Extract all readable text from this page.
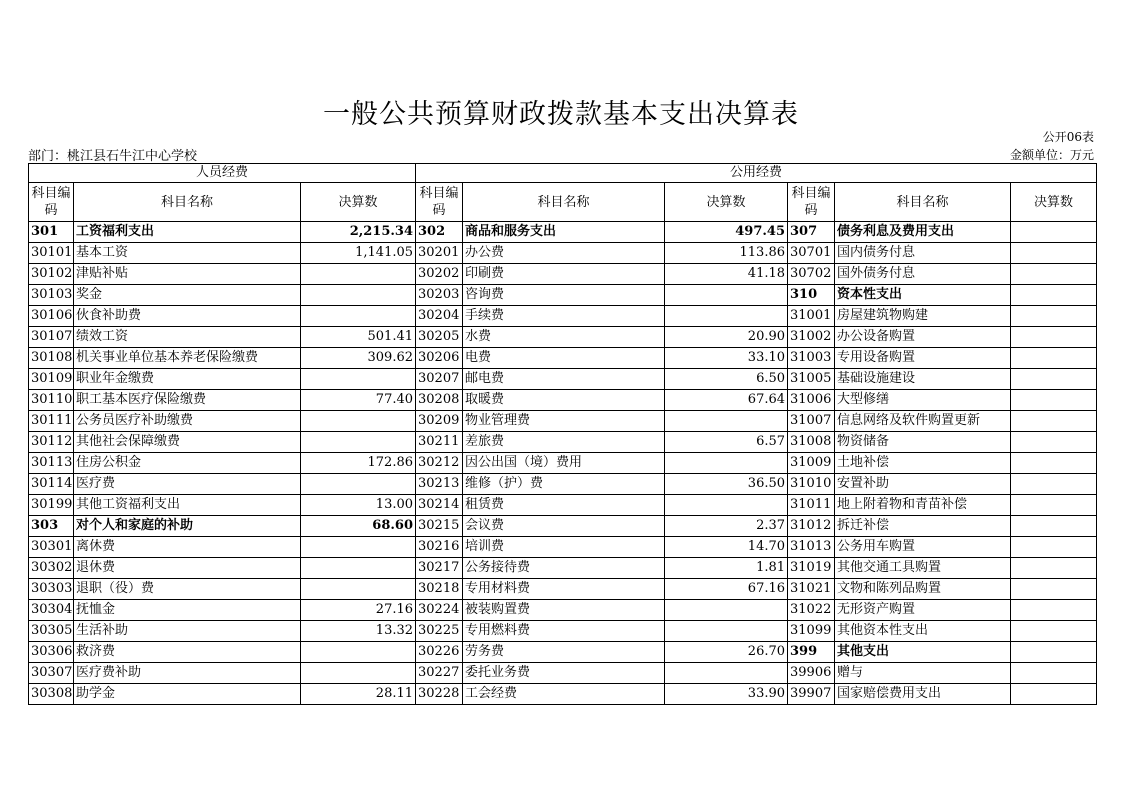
一般公共预算财政拨款基本支出决算表
公开06表
部门：桃江县石牛江中心学校	金额单位：万元
人员经费			公用经费					
科目编码	科目名称	决算数	科目编码	科目名称	决算数	科目编码	科目名称	决算数
301	工资福利支出	2,215.34	302	商品和服务支出	497.45	307	债务利息及费用支出	
30101	基本工资	1,141.05	30201	办公费	113.86	30701	国内债务付息	
30102	津贴补贴		30202	印刷费	41.18	30702	国外债务付息	
30103	奖金		30203	咨询费		310	资本性支出	
30106	伙食补助费		30204	手续费		31001	房屋建筑物购建	
30107	绩效工资	501.41	30205	水费	20.90	31002	办公设备购置	
30108	机关事业单位基本养老保险缴费	309.62	30206	电费	33.10	31003	专用设备购置	
30109	职业年金缴费		30207	邮电费	6.50	31005	基础设施建设	
30110	职工基本医疗保险缴费	77.40	30208	取暖费	67.64	31006	大型修缮	
30111	公务员医疗补助缴费		30209	物业管理费		31007	信息网络及软件购置更新	
30112	其他社会保障缴费		30211	差旅费	6.57	31008	物资储备	
30113	住房公积金	172.86	30212	因公出国（境）费用		31009	土地补偿	
30114	医疗费		30213	维修（护）费	36.50	31010	安置补助	
30199	其他工资福利支出	13.00	30214	租赁费		31011	地上附着物和青苗补偿	
303	对个人和家庭的补助	68.60	30215	会议费	2.37	31012	拆迁补偿	
30301	离休费		30216	培训费	14.70	31013	公务用车购置	
30302	退休费		30217	公务接待费	1.81	31019	其他交通工具购置	
30303	退职（役）费		30218	专用材料费	67.16	31021	文物和陈列品购置	
30304	抚恤金	27.16	30224	被装购置费		31022	无形资产购置	
30305	生活补助	13.32	30225	专用燃料费		31099	其他资本性支出	
30306	救济费		30226	劳务费	26.70	399	其他支出	
30307	医疗费补助		30227	委托业务费		39906	赠与	
30308	助学金	28.11	30228	工会经费	33.90	39907	国家赔偿费用支出	
